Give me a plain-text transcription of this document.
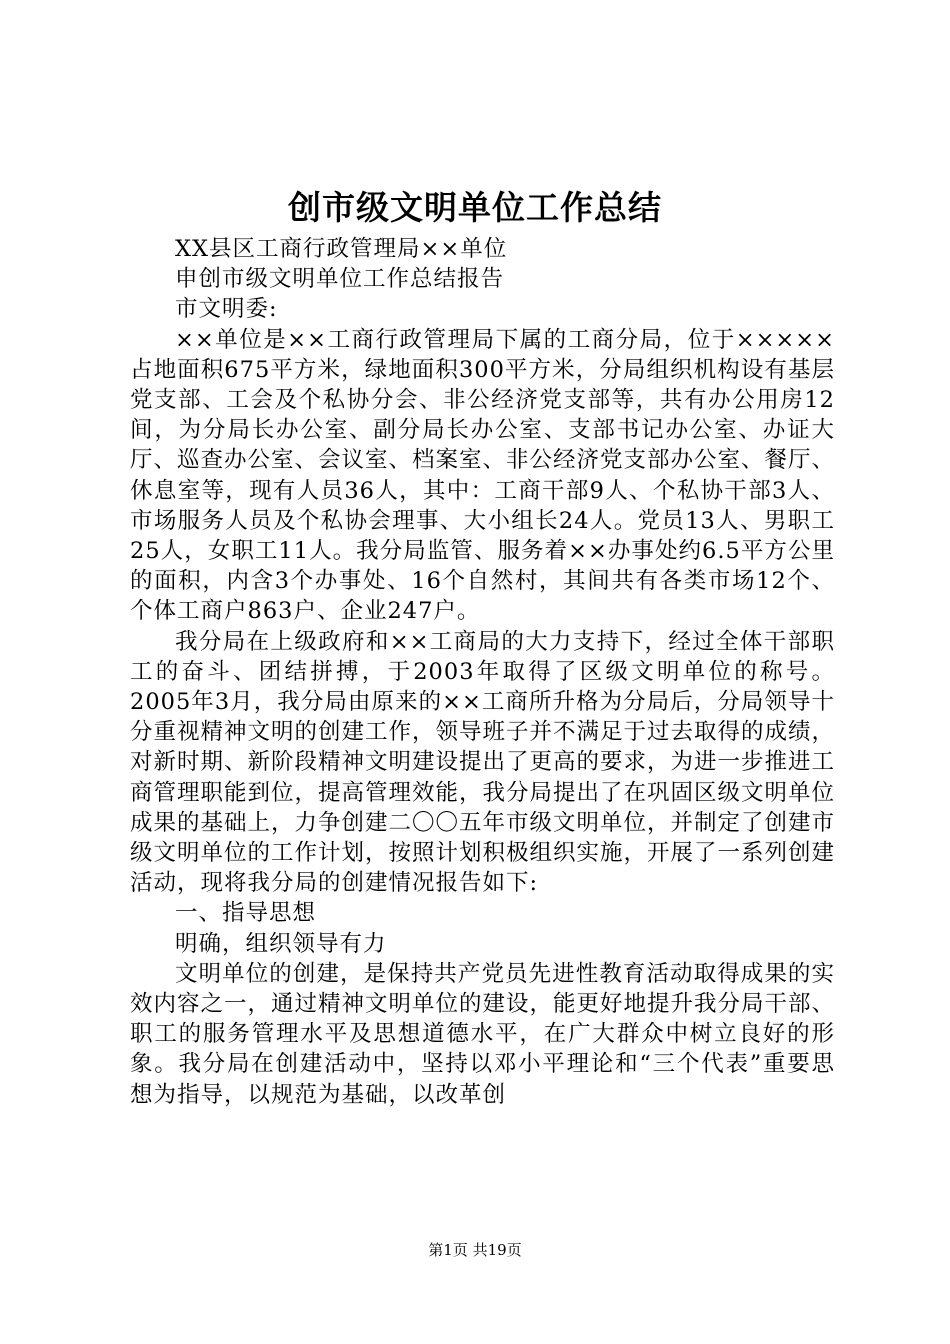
创市级文明单位工作总结

XX县区工商行政管理局××单位

申创市级文明单位工作总结报告

市文明委:

××单位是××工商行政管理局下属的工商分局，位于×××××占地面积675平方米，绿地面积300平方米，分局组织机构设有基层党支部、工会及个私协分会、非公经济党支部等，共有办公用房12间，为分局长办公室、副分局长办公室、支部书记办公室、办证大厅、巡查办公室、会议室、档案室、非公经济党支部办公室、餐厅、休息室等，现有人员36人，其中：工商干部9人、个私协干部3人、市场服务人员及个私协会理事、大小组长24人。党员13人、男职工25人，女职工11人。我分局监管、服务着××办事处约6.5平方公里的面积，内含3个办事处、16个自然村，其间共有各类市场12个、个体工商户863户、企业247户。

我分局在上级政府和××工商局的大力支持下，经过全体干部职工的奋斗、团结拼搏，于2003年取得了区级文明单位的称号。2005年3月，我分局由原来的××工商所升格为分局后，分局领导十分重视精神文明的创建工作，领导班子并不满足于过去取得的成绩，对新时期、新阶段精神文明建设提出了更高的要求，为进一步推进工商管理职能到位，提高管理效能，我分局提出了在巩固区级文明单位成果的基础上，力争创建二〇〇五年市级文明单位，并制定了创建市级文明单位的工作计划，按照计划积极组织实施，开展了一系列创建活动，现将我分局的创建情况报告如下:

一、指导思想

明确，组织领导有力

文明单位的创建，是保持共产党员先进性教育活动取得成果的实效内容之一，通过精神文明单位的建设，能更好地提升我分局干部、职工的服务管理水平及思想道德水平，在广大群众中树立良好的形象。我分局在创建活动中，坚持以邓小平理论和“三个代表”重要思想为指导，以规范为基础，以改革创

第1页 共19页
